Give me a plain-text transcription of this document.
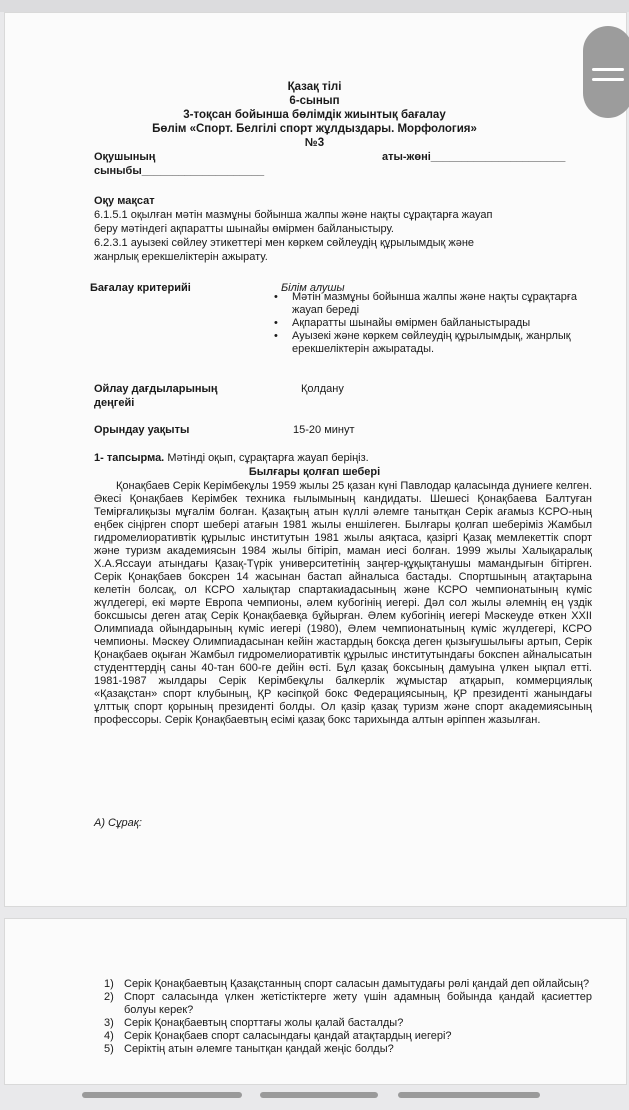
Қазақ тілі
6-сынып
3-тоқсан бойынша бөлімдік жиынтық бағалау
Бөлім «Спорт. Белгілі спорт жұлдыздары. Морфология»
№3
Оқушының	аты-жөні______________________
сыныбы____________________
Оқу мақсат
6.1.5.1 оқылған мәтін мазмұны бойынша жалпы және нақты сұрақтарға жауап
беру мәтіндегі ақпаратты шынайы өмірмен байланыстыру.
6.2.3.1 ауызекі сөйлеу этикеттері мен көркем сөйлеудің құрылымдық және
жанрлық ерекшеліктерін ажырату.
Бағалау критерийі	Білім алушы
• Мәтін мазмұны бойынша жалпы және нақты сұрақтарға жауап береді
• Ақпаратты шынайы өмірмен байланыстырады
• Ауызекі және көркем сөйлеудің құрылымдық, жанрлық ерекшеліктерін ажыратады.
Ойлау дағдыларының
деңгейі
Қолдану
Орындау уақыты	15-20 минут
1- тапсырма. Мәтінді оқып, сұрақтарға жауап беріңіз.
Былғары қолғап шебері
Қонақбаев Серік Керімбекұлы 1959 жылы 25 қазан күні Павлодар қаласында дүниеге келген. Әкесі Қонақбаев Керімбек техника ғылымының кандидаты. Шешесі Қонақбаева Балтуған Темірғалиқызы мұғалім болған. Қазақтың атын күллі әлемге танытқан Серік ағамыз КСРО-ның еңбек сіңірген спорт шебері атағын 1981 жылы еншілеген. Былғары қолғап шеберіміз Жамбыл гидромелиоративтік құрылыс институтын 1981 жылы аяқтаса, қазіргі Қазақ мемлекеттік спорт және туризм академиясын 1984 жылы бітіріп, маман иесі болған. 1999 жылы Халықаралық Х.А.Яссауи атындағы Қазақ-Түрік университетінің заңгер-құқықтанушы мамандығын бітірген. Серік Қонақбаев боксpен 14 жасынан бастап айналыса бастады. Спортшының атақтарына келетін болсақ, ол КСРО халықтар спартакиадасының және КСРО чемпионатының күміс жүлдегері, екі мәрте Европа чемпионы, әлем кубогінің иегері. Дәл сол жылы әлемнің ең үздік боксшысы деген атақ Серік Қонақбаевқа бұйырған. Әлем кубогінің иегері Мәскеуде өткен XXII Олимпиада ойындарының күміс иегері (1980), Әлем чемпионатының күміс жүлдегері, КСРО чемпионы. Мәскеу Олимпиадасынан кейін жастардың боксқа деген қызығушылығы артып, Серік Қонақбаев оқыған Жамбыл гидромелиоративтік құрылыс институтындағы бокспен айналысатын студенттердің саны 40-тан 600-ге дейін өсті. Бұл қазақ боксының дамуына үлкен ықпал етті. 1981-1987 жылдары Серік Керімбекұлы балкерлік жұмыстар атқарып, коммерциялық «Қазақстан» спорт клубының, ҚР кәсіпқой бокс Федерациясының, ҚР президенті жанындағы ұлттық спорт қорының президенті болды. Ол қазір қазақ туризм және спорт академиясының профессоры. Серік Қонақбаевтың есімі қазақ бокс тарихында алтын әріппен жазылған.
А) Сұрақ:
1) Серік Қонақбаевтың Қазақстанның спорт саласын дамытудағы рөлі қандай деп ойлайсың?
2) Спорт саласында үлкен жетістіктерге жету үшін адамның бойында қандай қасиеттер болуы керек?
3) Серік Қонақбаевтың спорттағы жолы қалай басталды?
4) Серік Қонақбаев спорт саласындағы қандай атақтардың иегері?
5) Серіктің атын әлемге танытқан қандай жеңіс болды?
